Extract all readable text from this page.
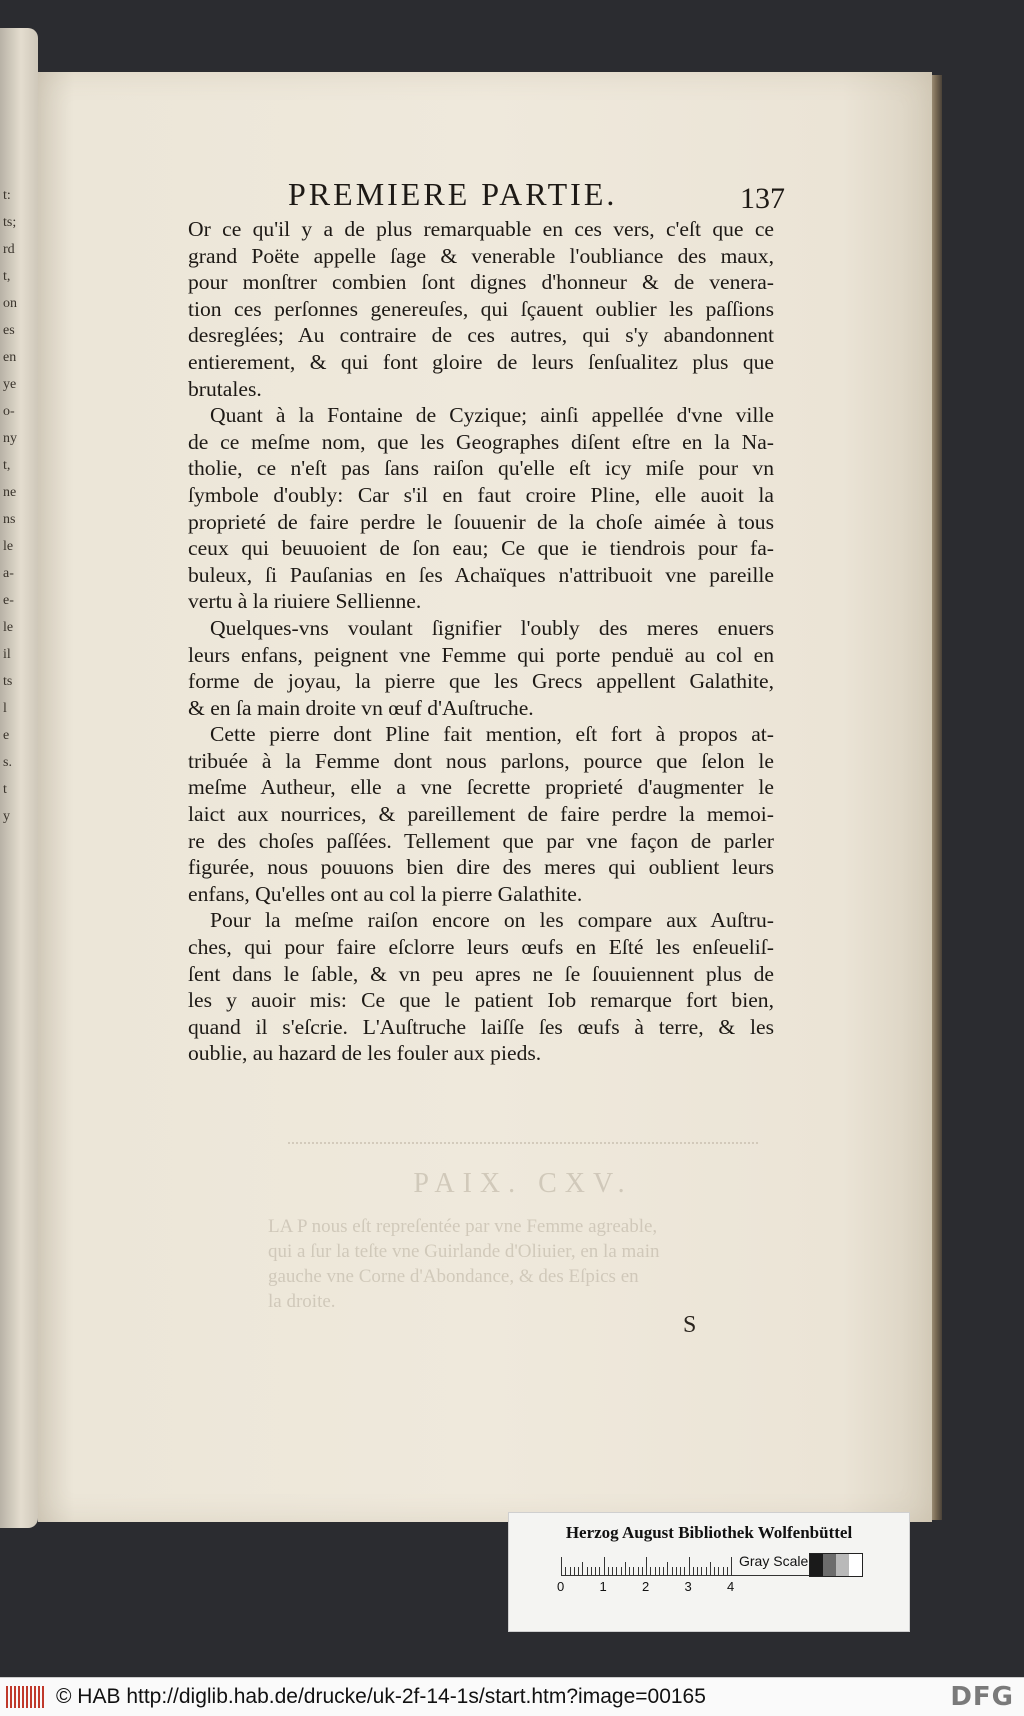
t:
ts;
rd
t,
on
es
en
ye
o-
ny
t,
ne
ns
le
a-
e-
le
il
ts
l
e
s.
t
y
PREMIERE PARTIE.	137
Or ce qu'il y a de plus remarquable en ces vers, c'eſt que ce
grand Poëte appelle ſage & venerable l'oubliance des maux,
pour monſtrer combien ſont dignes d'honneur & de venera-
tion ces perſonnes genereuſes, qui ſçauent oublier les paſſions
desreglées; Au contraire de ces autres, qui s'y abandonnent
entierement, & qui font gloire de leurs ſenſualitez plus que
brutales.
Quant à la Fontaine de Cyzique; ainſi appellée d'vne ville
de ce meſme nom, que les Geographes diſent eſtre en la Na-
tholie, ce n'eſt pas ſans raiſon qu'elle eſt icy miſe pour vn
ſymbole d'oubly: Car s'il en faut croire Pline, elle auoit la
proprieté de faire perdre le ſouuenir de la choſe aimée à tous
ceux qui beuuoient de ſon eau; Ce que ie tiendrois pour fa-
buleux, ſi Pauſanias en ſes Achaïques n'attribuoit vne pareille
vertu à la riuiere Sellienne.
Quelques-vns voulant ſignifier l'oubly des meres enuers
leurs enfans, peignent vne Femme qui porte penduë au col en
forme de joyau, la pierre que les Grecs appellent Galathite,
& en ſa main droite vn œuf d'Auſtruche.
Cette pierre dont Pline fait mention, eſt fort à propos at-
tribuée à la Femme dont nous parlons, pource que ſelon le
meſme Autheur, elle a vne ſecrette proprieté d'augmenter le
laict aux nourrices, & pareillement de faire perdre la memoi-
re des choſes paſſées. Tellement que par vne façon de parler
figurée, nous pouuons bien dire des meres qui oublient leurs
enfans, Qu'elles ont au col la pierre Galathite.
Pour la meſme raiſon encore on les compare aux Auſtru-
ches, qui pour faire eſclorre leurs œufs en Eſté les enſeueliſ-
ſent dans le ſable, & vn peu apres ne ſe ſouuiennent plus de
les y auoir mis: Ce que le patient Iob remarque fort bien,
quand il s'eſcrie. L'Auſtruche laiſſe ſes œufs à terre, & les
oublie, au hazard de les fouler aux pieds.
PAIX. CXV.
LA P nous eſt repreſentée par vne Femme agreable,
qui a ſur la teſte vne Guirlande d'Oliuier, en la main
gauche vne Corne d'Abondance, & des Eſpics en
la droite.
S
Herzog August Bibliothek Wolfenbüttel
Gray Scale
0	1	2	3	4
© HAB http://diglib.hab.de/drucke/uk-2f-14-1s/start.htm?image=00165	DFG
